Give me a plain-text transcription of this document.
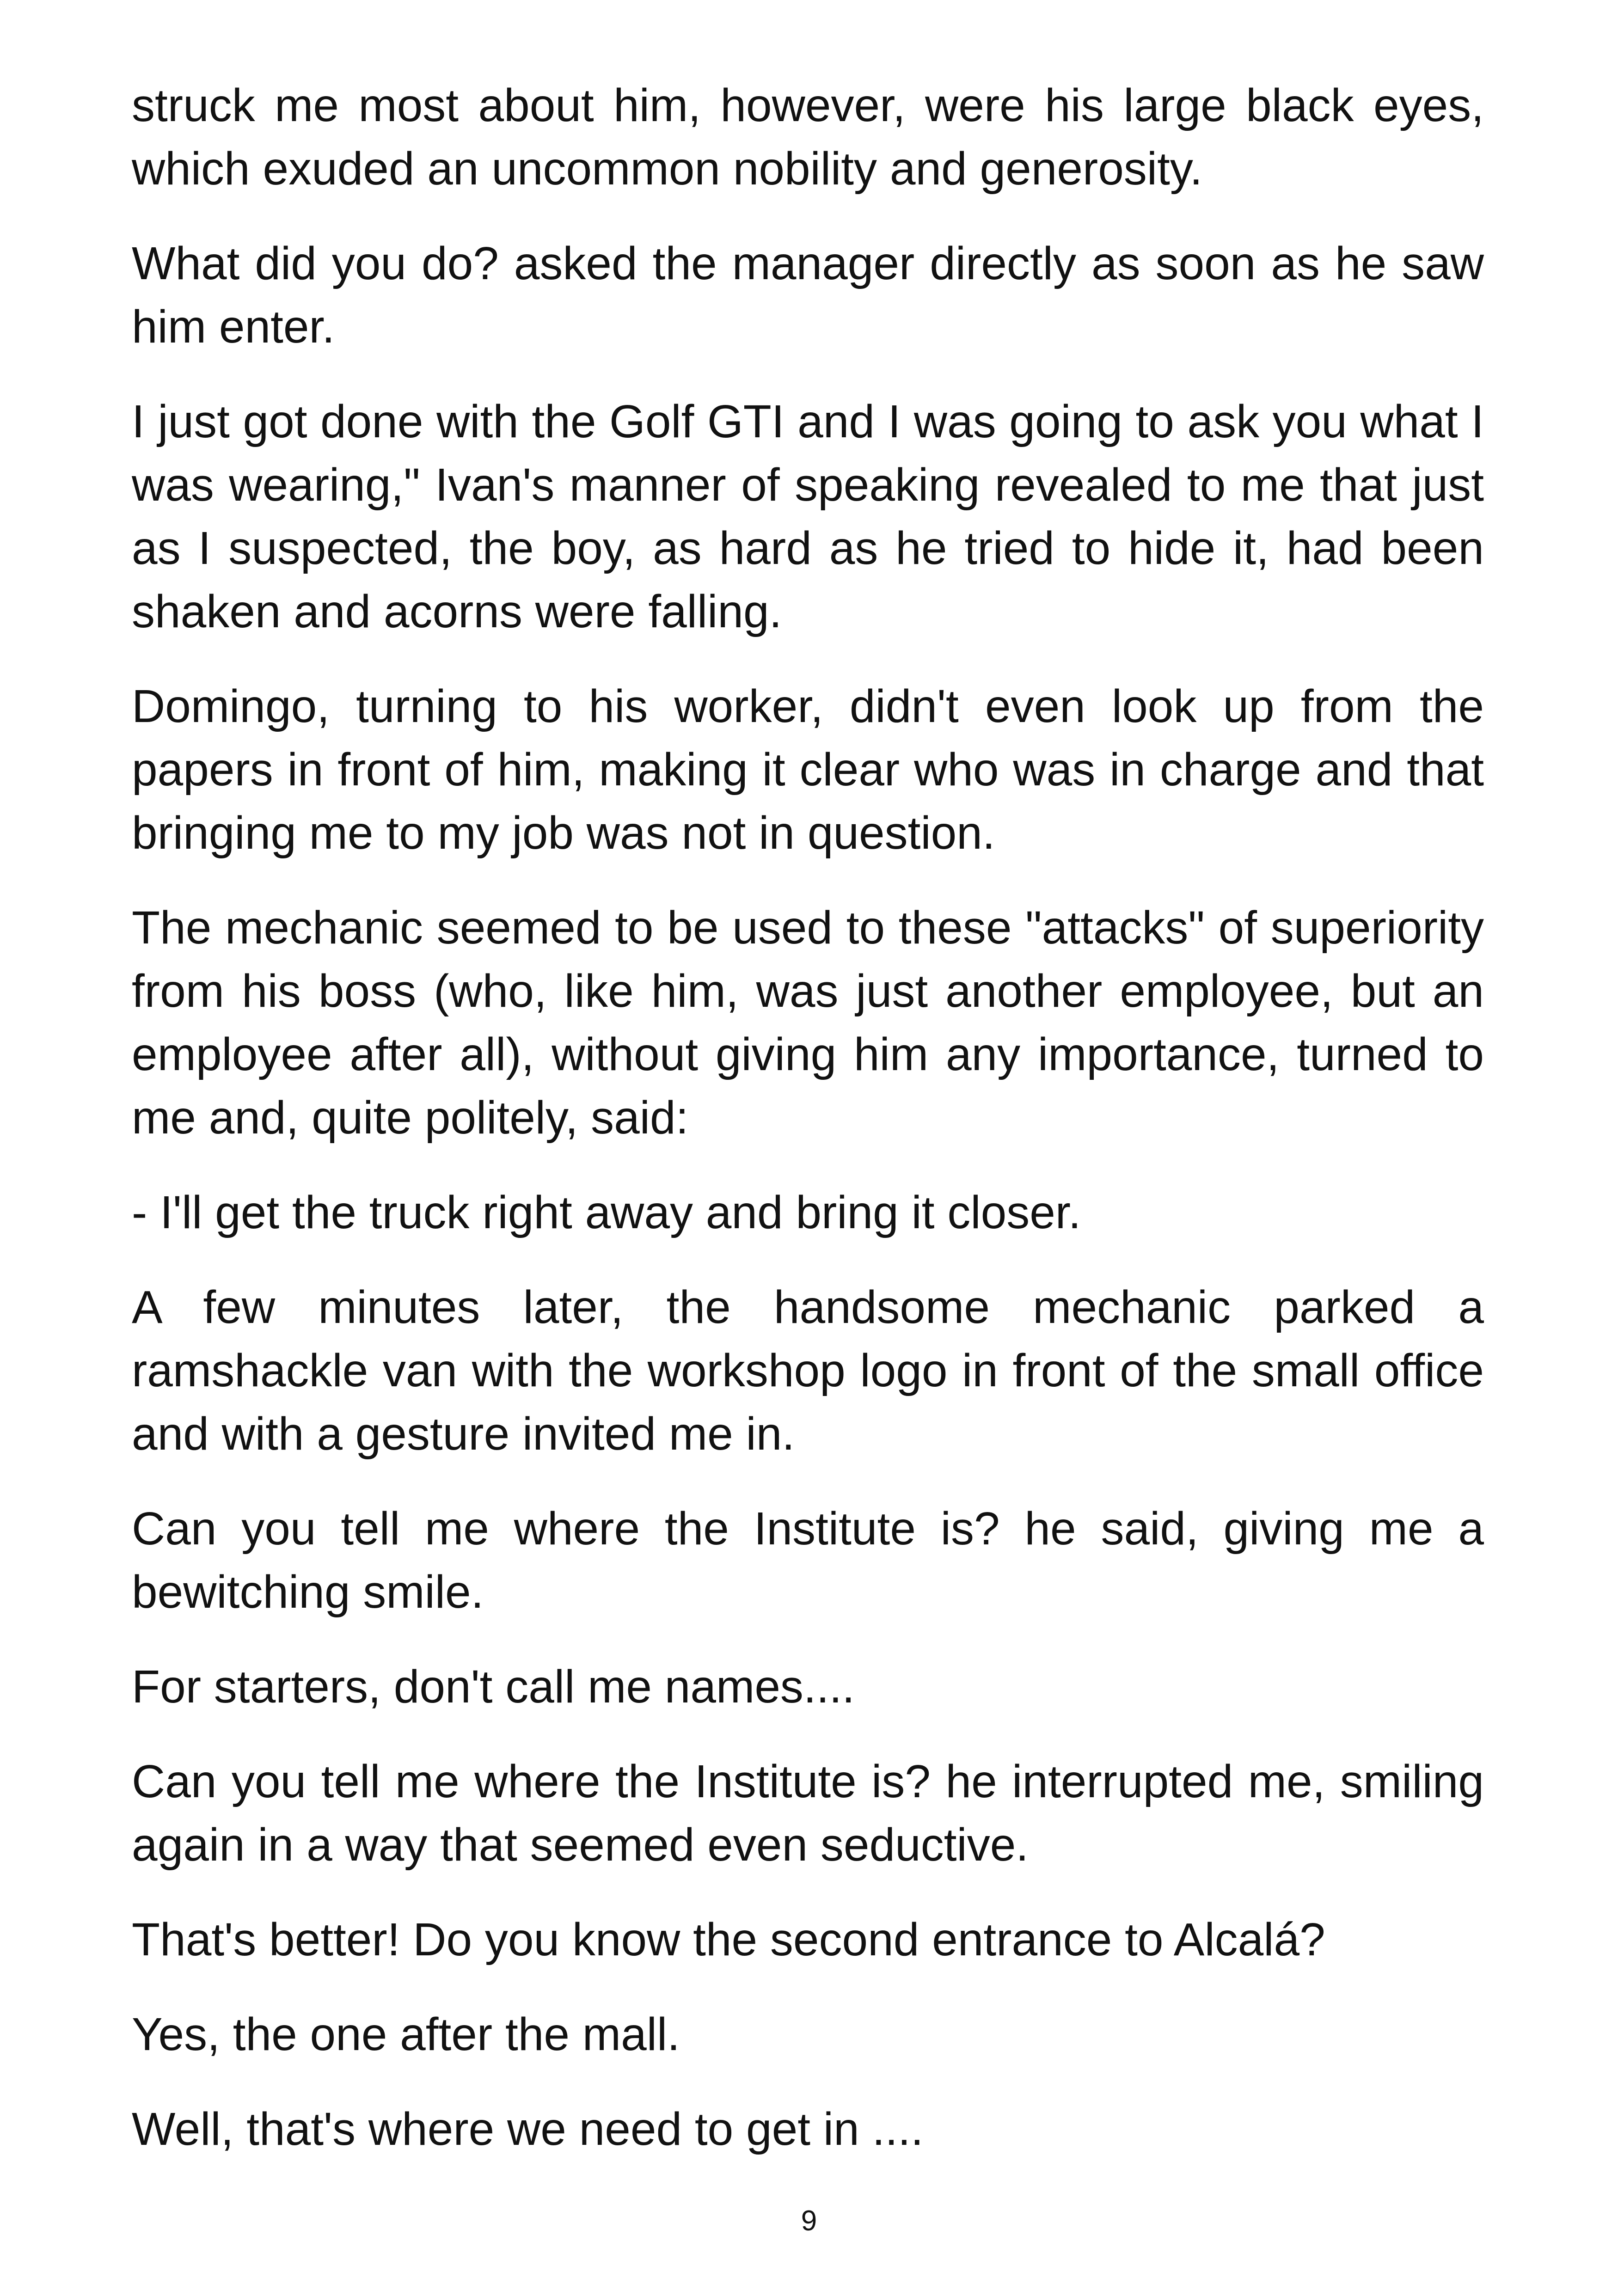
struck me most about him, however, were his large black eyes, which exuded an uncommon nobility and generosity.

What did you do? asked the manager directly as soon as he saw him enter.

I just got done with the Golf GTI and I was going to ask you what I was wearing," Ivan's manner of speaking revealed to me that just as I suspected, the boy, as hard as he tried to hide it, had been shaken and acorns were falling.

Domingo, turning to his worker, didn't even look up from the papers in front of him, making it clear who was in charge and that bringing me to my job was not in question.

The mechanic seemed to be used to these "attacks" of superiority from his boss (who, like him, was just another employee, but an employee after all), without giving him any importance, turned to me and, quite politely, said:

- I'll get the truck right away and bring it closer.

A few minutes later, the handsome mechanic parked a ramshackle van with the workshop logo in front of the small office and with a gesture invited me in.

Can you tell me where the Institute is? he said, giving me a bewitching smile.

For starters, don't call me names....

Can you tell me where the Institute is? he interrupted me, smiling again in a way that seemed even seductive.

That's better! Do you know the second entrance to Alcalá?

Yes, the one after the mall.

Well, that's where we need to get in ....

9
